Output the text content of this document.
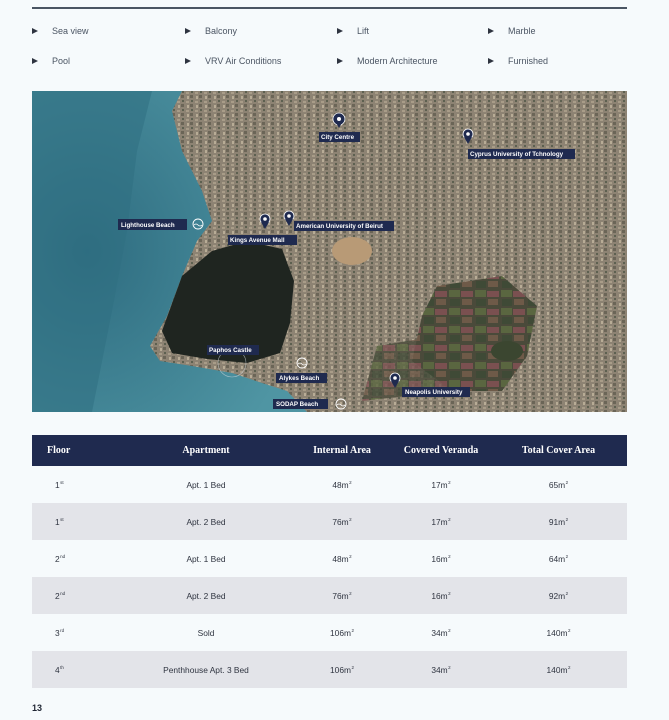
Sea view	Balcony	Lift	Marble
Pool	VRV Air Conditions	Modern Architecture	Furnished
City Centre
Cyprus University of Tchnology
Lighthouse Beach	American University of Beirut
Kings Avenue Mall
Paphos Castle
Alykes Beach
Neapolis University
SODAP Beach
Floor	Apartment	Internal Area	Covered Veranda	Total Cover Area
1st	Apt. 1 Bed	$48m^2$	$17m^2$	$65m^2$
1st	Apt. 2 Bed	$76m^2$	$17m^2$	$91m^2$
2nd	Apt. 1 Bed	$48m^2$	$16m^2$	$64m^2$
2nd	Apt. 2 Bed	$76m^2$	$16m^2$	$92m^2$
3rd	Sold	$106m^2$	$34m^2$	$140m^2$
4th	Penthhouse Apt. 3 Bed	$106m^2$	$34m^2$	$140m^2$
13
